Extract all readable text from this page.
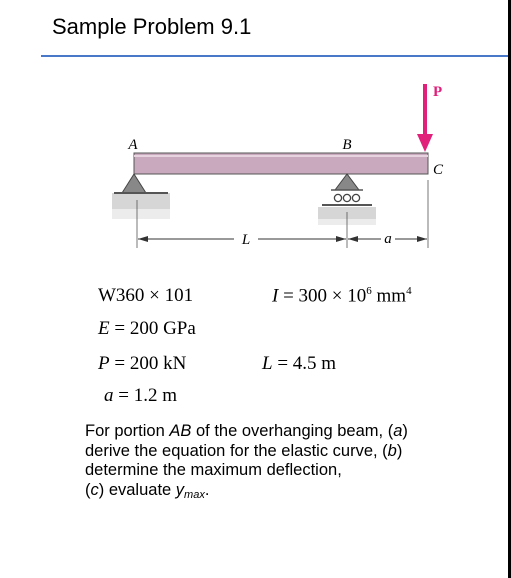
Sample Problem 9.1
A	B
C
P
L	a
W360 × 101	$I = 300 \times 10^6$ $mm^4$
E = 200 GPa
P = 200 kN	L = 4.5 m
a = 1.2 m
For portion AB of the overhanging beam, (a)
derive the equation for the elastic curve, (b)
determine the maximum deflection,
(c) evaluate $y_{max}$.
